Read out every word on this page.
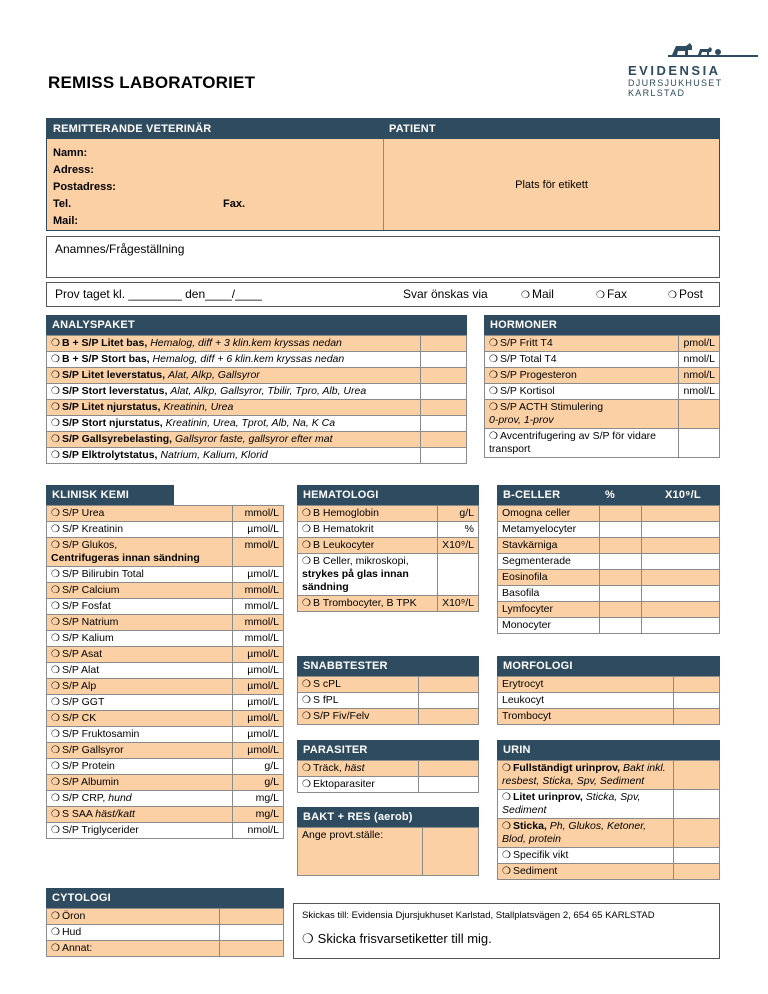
REMISS LABORATORIET
EVIDENSIA
DJURSJUKHUSET
KARLSTAD
REMITTERANDE VETERINÄR	PATIENT
Namn:
Adress:
Postadress:
Tel.	Fax.
Mail:
Plats för etikett
Anamnes/Frågeställning
Prov taget kl. ________ den____/____	Svar önskas via	❍ Mail	❍ Fax	❍ Post
ANALYSPAKET
❍ B + S/P Litet bas, Hemalog, diff + 3 klin.kem kryssas nedan	
❍ B + S/P Stort bas, Hemalog, diff + 6 klin.kem kryssas nedan	
❍ S/P Litet leverstatus, Alat, Alkp, Gallsyror	
❍ S/P Stort leverstatus, Alat, Alkp, Gallsyror, Tbilir, Tpro, Alb, Urea	
❍ S/P Litet njurstatus, Kreatinin, Urea	
❍ S/P Stort njurstatus, Kreatinin, Urea, Tprot, Alb, Na, K Ca	
❍ S/P Gallsyrebelasting, Gallsyror faste, gallsyror efter mat	
❍ S/P Elktrolytstatus, Natrium, Kalium, Klorid	
HORMONER
❍ S/P Fritt T4	pmol/L
❍ S/P Total T4	nmol/L
❍ S/P Progesteron	nmol/L
❍ S/P Kortisol	nmol/L
❍ S/P ACTH Stimulering
0-prov, 1-prov	
❍ Avcentrifugering av S/P för vidare transport	
KLINISK KEMI
❍ S/P Urea	mmol/L
❍ S/P Kreatinin	µmol/L
❍ S/P Glukos,
Centrifugeras innan sändning	mmol/L
❍ S/P Bilirubin Total	µmol/L
❍ S/P Calcium	mmol/L
❍ S/P Fosfat	mmol/L
❍ S/P Natrium	mmol/L
❍ S/P Kalium	mmol/L
❍ S/P Asat	µmol/L
❍ S/P Alat	µmol/L
❍ S/P Alp	µmol/L
❍ S/P GGT	µmol/L
❍ S/P CK	µmol/L
❍ S/P Fruktosamin	µmol/L
❍ S/P Gallsyror	µmol/L
❍ S/P Protein	g/L
❍ S/P Albumin	g/L
❍ S/P CRP, hund	mg/L
❍ S SAA häst/katt	mg/L
❍ S/P Triglycerider	nmol/L
HEMATOLOGI
❍ B Hemoglobin	g/L
❍ B Hematokrit	%
❍ B Leukocyter	X10⁹/L
❍ B Celler, mikroskopi,
strykes på glas innan sändning	
❍ B Trombocyter, B TPK	X10⁹/L
B-CELLER	%	X10⁹/L
Omogna celler		
Metamyelocyter		
Stavkärniga		
Segmenterade		
Eosinofila		
Basofila		
Lymfocyter		
Monocyter		
SNABBTESTER
❍ S cPL	
❍ S fPL	
❍ S/P Fiv/Felv	
MORFOLOGI
Erytrocyt	
Leukocyt	
Trombocyt	
PARASITER
❍ Träck, häst	
❍ Ektoparasiter	
BAKT + RES (aerob)
Ange provt.ställe:	
URIN
❍ Fullständigt urinprov, Bakt inkl. resbest, Sticka, Spv, Sediment	
❍ Litet urinprov, Sticka, Spv, Sediment	
❍ Sticka, Ph, Glukos, Ketoner, Blod, protein	
❍ Specifik vikt	
❍ Sediment	
CYTOLOGI
❍ Öron	
❍ Hud	
❍ Annat:	
Skickas till: Evidensia Djursjukhuset Karlstad, Stallplatsvägen 2, 654 65 KARLSTAD
❍ Skicka frisvarsetiketter till mig.
